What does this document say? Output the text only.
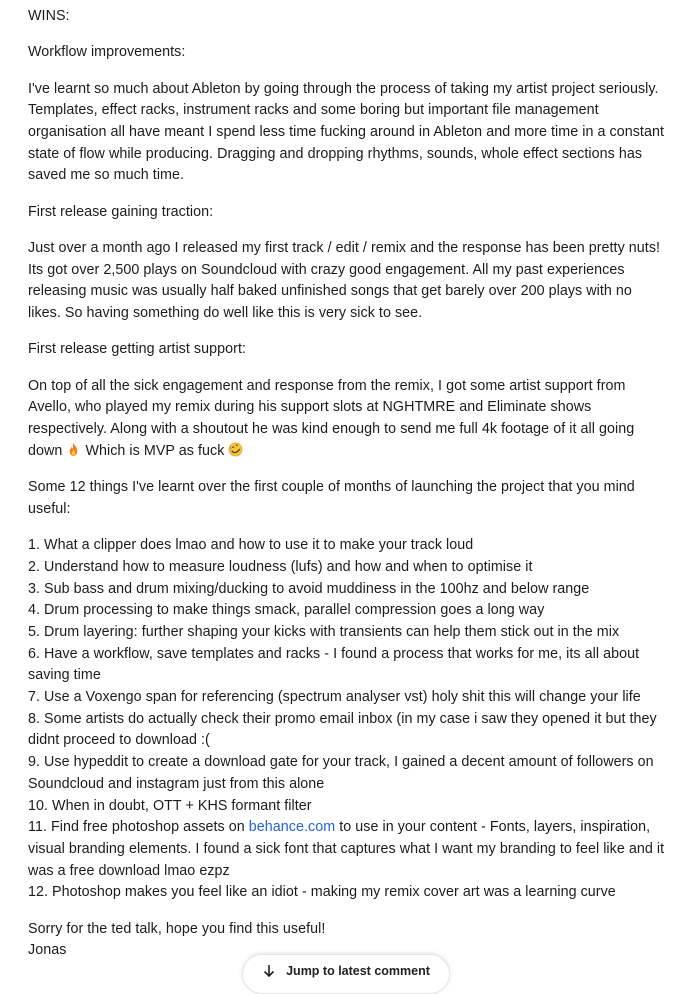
WINS:

Workflow improvements:

I've learnt so much about Ableton by going through the process of taking my artist project seriously. Templates, effect racks, instrument racks and some boring but important file management organisation all have meant I spend less time fucking around in Ableton and more time in a constant state of flow while producing. Dragging and dropping rhythms, sounds, whole effect sections has saved me so much time.

First release gaining traction:

Just over a month ago I released my first track / edit / remix and the response has been pretty nuts! Its got over 2,500 plays on Soundcloud with crazy good engagement. All my past experiences releasing music was usually half baked unfinished songs that get barely over 200 plays with no likes. So having something do well like this is very sick to see.

First release getting artist support:

On top of all the sick engagement and response from the remix, I got some artist support from Avello, who played my remix during his support slots at NGHTMRE and Eliminate shows respectively. Along with a shoutout he was kind enough to send me full 4k footage of it all going down  Which is MVP as fuck

Some 12 things I've learnt over the first couple of months of launching the project that you mind useful:

1. What a clipper does lmao and how to use it to make your track loud
2. Understand how to measure loudness (lufs) and how and when to optimise it
3. Sub bass and drum mixing/ducking to avoid muddiness in the 100hz and below range
4. Drum processing to make things smack, parallel compression goes a long way
5. Drum layering: further shaping your kicks with transients can help them stick out in the mix
6. Have a workflow, save templates and racks - I found a process that works for me, its all about saving time
7. Use a Voxengo span for referencing (spectrum analyser vst) holy shit this will change your life
8. Some artists do actually check their promo email inbox (in my case i saw they opened it but they didnt proceed to download :(
9. Use hypeddit to create a download gate for your track, I gained a decent amount of followers on Soundcloud and instagram just from this alone
10. When in doubt, OTT + KHS formant filter
11. Find free photoshop assets on behance.com to use in your content - Fonts, layers, inspiration, visual branding elements. I found a sick font that captures what I want my branding to feel like and it was a free download lmao ezpz
12. Photoshop makes you feel like an idiot - making my remix cover art was a learning curve

Sorry for the ted talk, hope you find this useful!
Jonas

Jump to latest comment
